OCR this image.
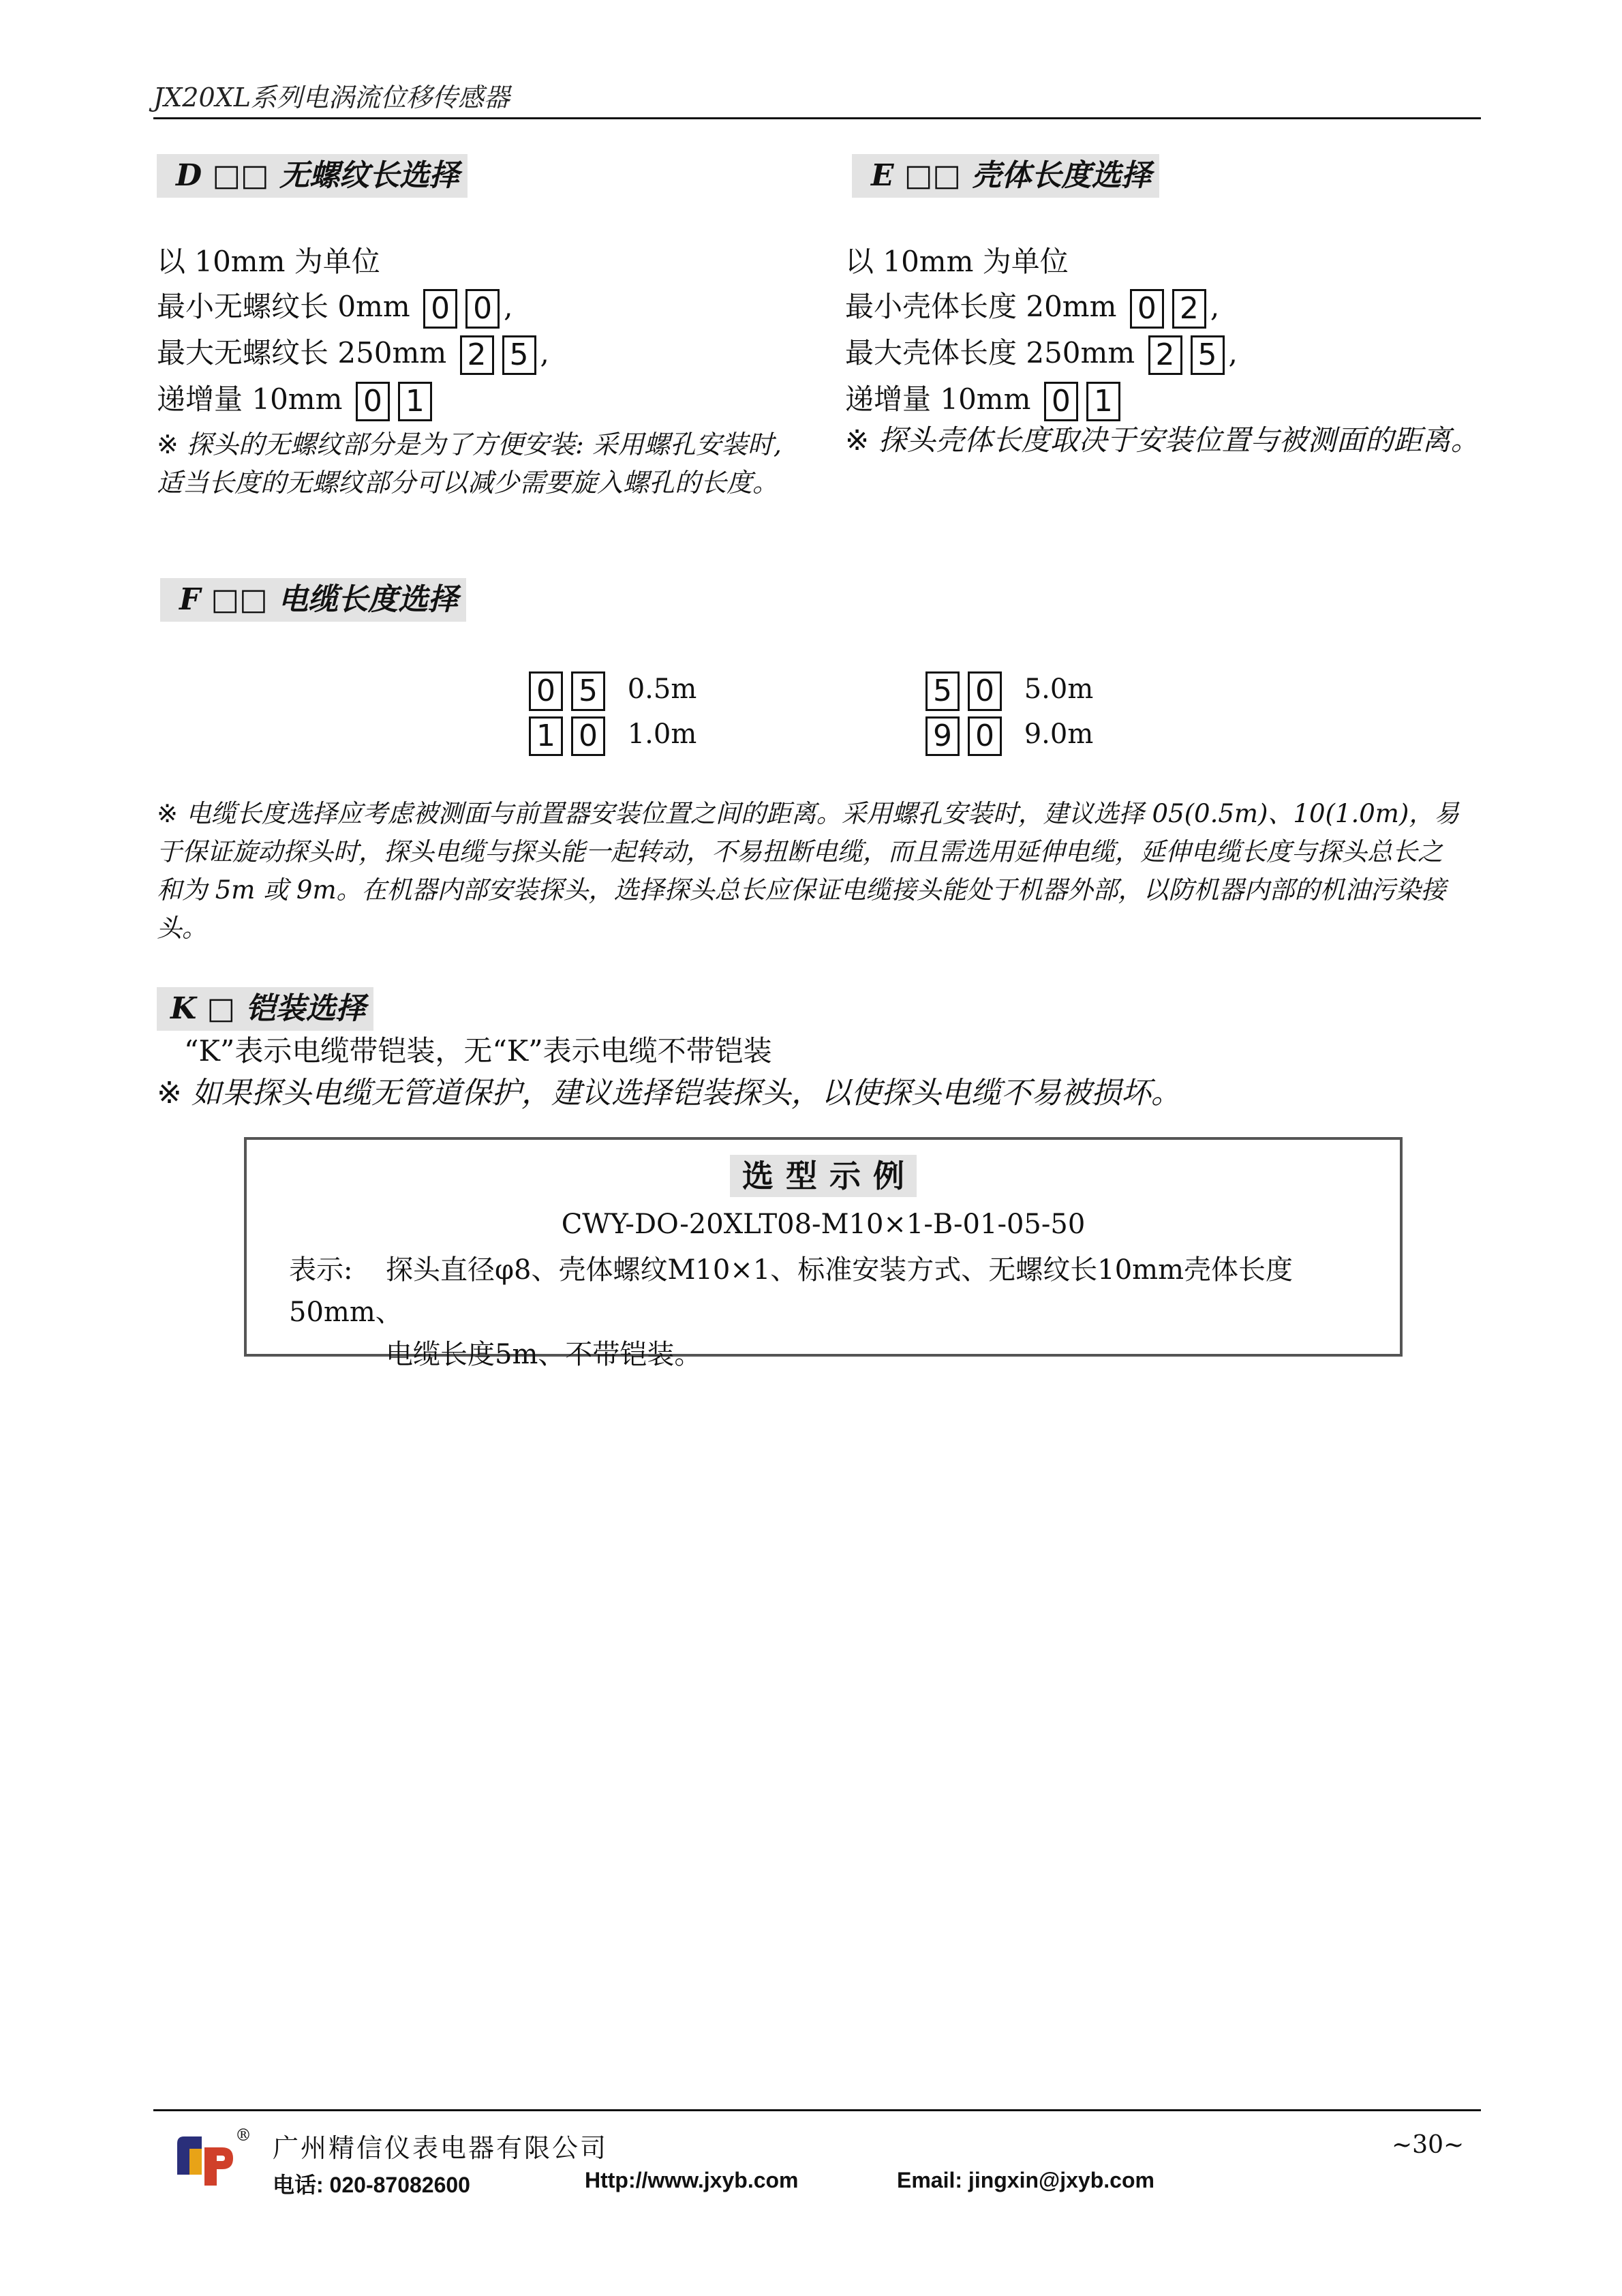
JX20XL系列电涡流位移传感器
D □□ 无螺纹长选择
以 10mm 为单位
最小无螺纹长 0mm 0 0 ,
最大无螺纹长 250mm 2 5 ,
递增量 10mm 0 1
※ 探头的无螺纹部分是为了方便安装: 采用螺孔安装时,适当长度的无螺纹部分可以减少需要旋入螺孔的长度。
E □□ 壳体长度选择
以 10mm 为单位
最小壳体长度 20mm 0 2 ,
最大壳体长度 250mm 2 5 ,
递增量 10mm 0 1
※ 探头壳体长度取决于安装位置与被测面的距离。
F □□ 电缆长度选择
0 5 0.5m
1 0 1.0m
5 0 5.0m
9 0 9.0m
※ 电缆长度选择应考虑被测面与前置器安装位置之间的距离。采用螺孔安装时，建议选择 05(0.5m)、10(1.0m)，易于保证旋动探头时，探头电缆与探头能一起转动，不易扭断电缆，而且需选用延伸电缆，延伸电缆长度与探头总长之和为 5m 或 9m。在机器内部安装探头，选择探头总长应保证电缆接头能处于机器外部，以防机器内部的机油污染接头。
K □ 铠装选择
“K”表示电缆带铠装，无“K”表示电缆不带铠装
※ 如果探头电缆无管道保护，建议选择铠装探头，以使探头电缆不易被损坏。
选型示例
CWY-DO-20XLT08-M10×1-B-01-05-50
表示: 探头直径φ8、壳体螺纹M10×1、标准安装方式、无螺纹长10mm壳体长度50mm、
电缆长度5m、不带铠装。
® 广州精信仪表电器有限公司
电话: 020-87082600	Http://www.jxyb.com	Email: jingxin@jxyb.com
~30~
